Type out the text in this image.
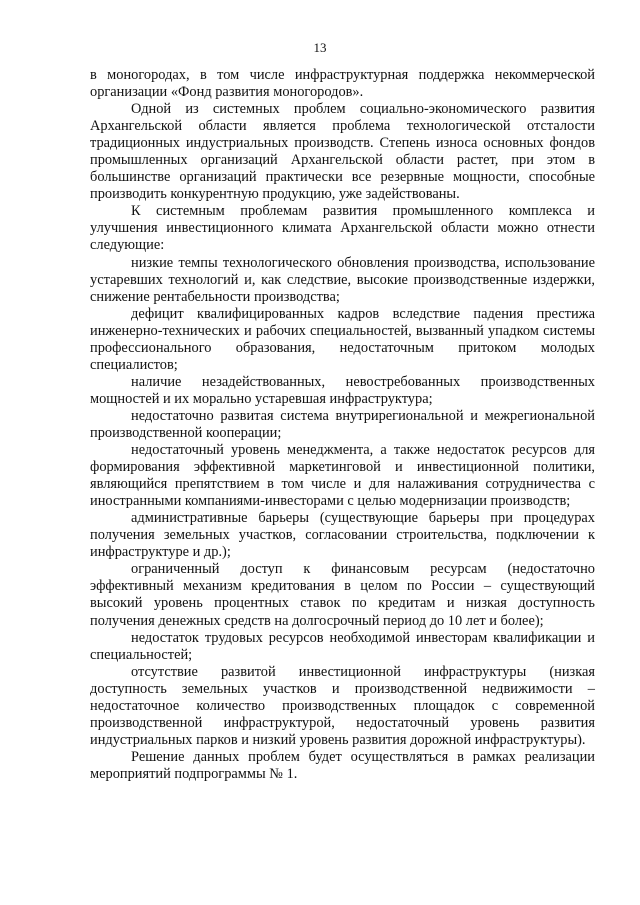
13

в моногородах, в том числе инфраструктурная поддержка некоммерческой организации «Фонд развития моногородов».

Одной из системных проблем социально-экономического развития Архангельской области является проблема технологической отсталости традиционных индустриальных производств. Степень износа основных фондов промышленных организаций Архангельской области растет, при этом в большинстве организаций практически все резервные мощности, способные производить конкурентную продукцию, уже задействованы.

К системным проблемам развития промышленного комплекса и улучшения инвестиционного климата Архангельской области можно отнести следующие:

низкие темпы технологического обновления производства, использование устаревших технологий и, как следствие, высокие производственные издержки, снижение рентабельности производства;

дефицит квалифицированных кадров вследствие падения престижа инженерно-технических и рабочих специальностей, вызванный упадком системы профессионального образования, недостаточным притоком молодых специалистов;

наличие незадействованных, невостребованных производственных мощностей и их морально устаревшая инфраструктура;

недостаточно развитая система внутрирегиональной и межрегиональной производственной кооперации;

недостаточный уровень менеджмента, а также недостаток ресурсов для формирования эффективной маркетинговой и инвестиционной политики, являющийся препятствием в том числе и для налаживания сотрудничества с иностранными компаниями-инвесторами с целью модернизации производств;

административные барьеры (существующие барьеры при процедурах получения земельных участков, согласовании строительства, подключении к инфраструктуре и др.);

ограниченный доступ к финансовым ресурсам (недостаточно эффективный механизм кредитования в целом по России – существующий высокий уровень процентных ставок по кредитам и низкая доступность получения денежных средств на долгосрочный период до 10 лет и более);

недостаток трудовых ресурсов необходимой инвесторам квалификации и специальностей;

отсутствие развитой инвестиционной инфраструктуры (низкая доступность земельных участков и производственной недвижимости – недостаточное количество производственных площадок с современной производственной инфраструктурой, недостаточный уровень развития индустриальных парков и низкий уровень развития дорожной инфраструктуры).

Решение данных проблем будет осуществляться в рамках реализации мероприятий подпрограммы № 1.
